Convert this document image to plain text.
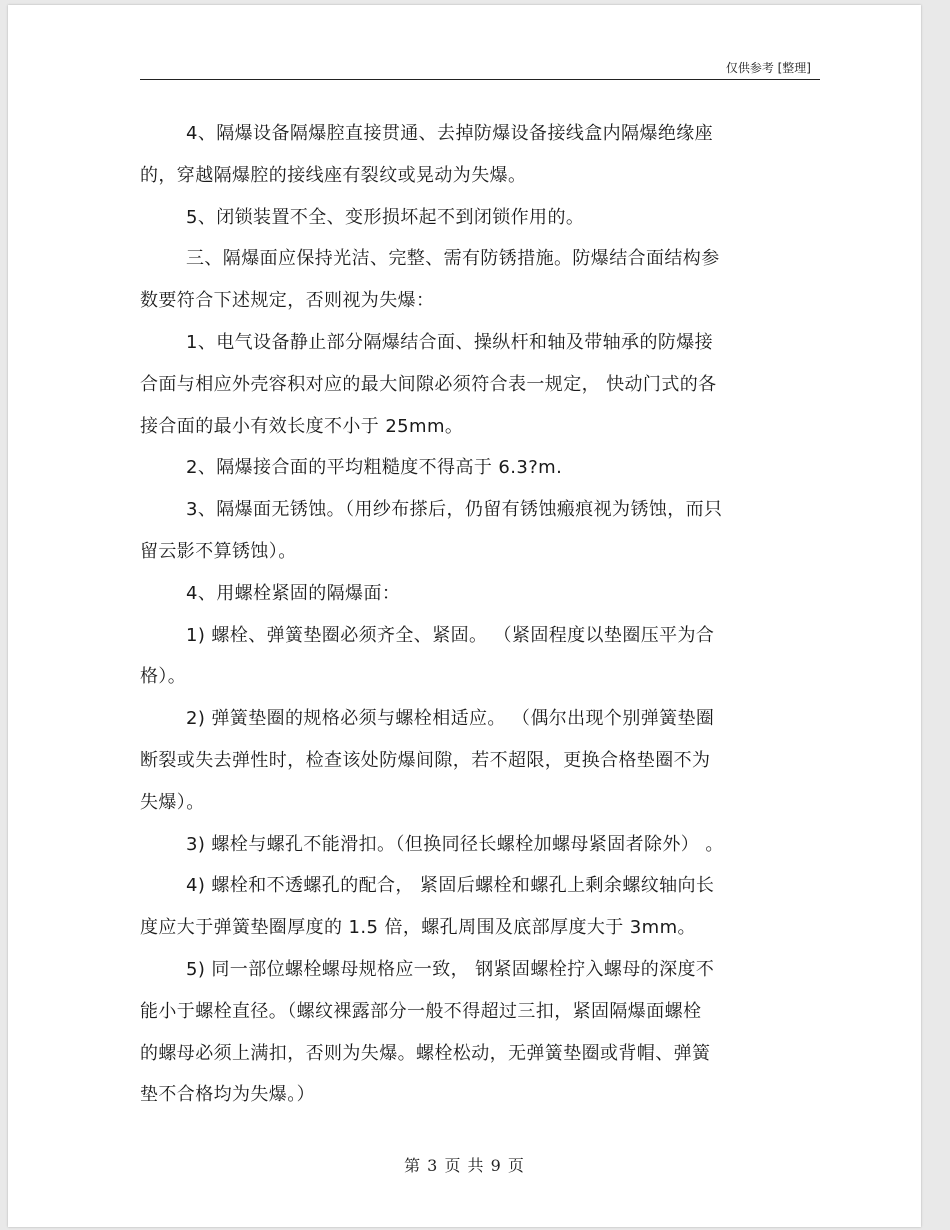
仅供参考 [整理]

4、隔爆设备隔爆腔直接贯通、去掉防爆设备接线盒内隔爆绝缘座
的，穿越隔爆腔的接线座有裂纹或晃动为失爆。

5、闭锁装置不全、变形损坏起不到闭锁作用的。

三、隔爆面应保持光洁、完整、需有防锈措施。防爆结合面结构参
数要符合下述规定，否则视为失爆：

1、电气设备静止部分隔爆结合面、操纵杆和轴及带轴承的防爆接
合面与相应外壳容积对应的最大间隙必须符合表一规定， 快动门式的各
接合面的最小有效长度不小于 25mm。

2、隔爆接合面的平均粗糙度不得高于 6.3?m.

3、隔爆面无锈蚀。（用纱布搽后，仍留有锈蚀瘢痕视为锈蚀，而只
留云影不算锈蚀）。

4、用螺栓紧固的隔爆面：

1) 螺栓、弹簧垫圈必须齐全、紧固。 （紧固程度以垫圈压平为合
格）。

2) 弹簧垫圈的规格必须与螺栓相适应。 （偶尔出现个别弹簧垫圈
断裂或失去弹性时，检查该处防爆间隙，若不超限，更换合格垫圈不为
失爆）。

3) 螺栓与螺孔不能滑扣。（但换同径长螺栓加螺母紧固者除外） 。

4) 螺栓和不透螺孔的配合， 紧固后螺栓和螺孔上剩余螺纹轴向长
度应大于弹簧垫圈厚度的 1.5 倍，螺孔周围及底部厚度大于 3mm。

5) 同一部位螺栓螺母规格应一致， 钢紧固螺栓拧入螺母的深度不
能小于螺栓直径。（螺纹裸露部分一般不得超过三扣，紧固隔爆面螺栓
的螺母必须上满扣，否则为失爆。螺栓松动，无弹簧垫圈或背帽、弹簧
垫不合格均为失爆。）

第 3 页 共 9 页
